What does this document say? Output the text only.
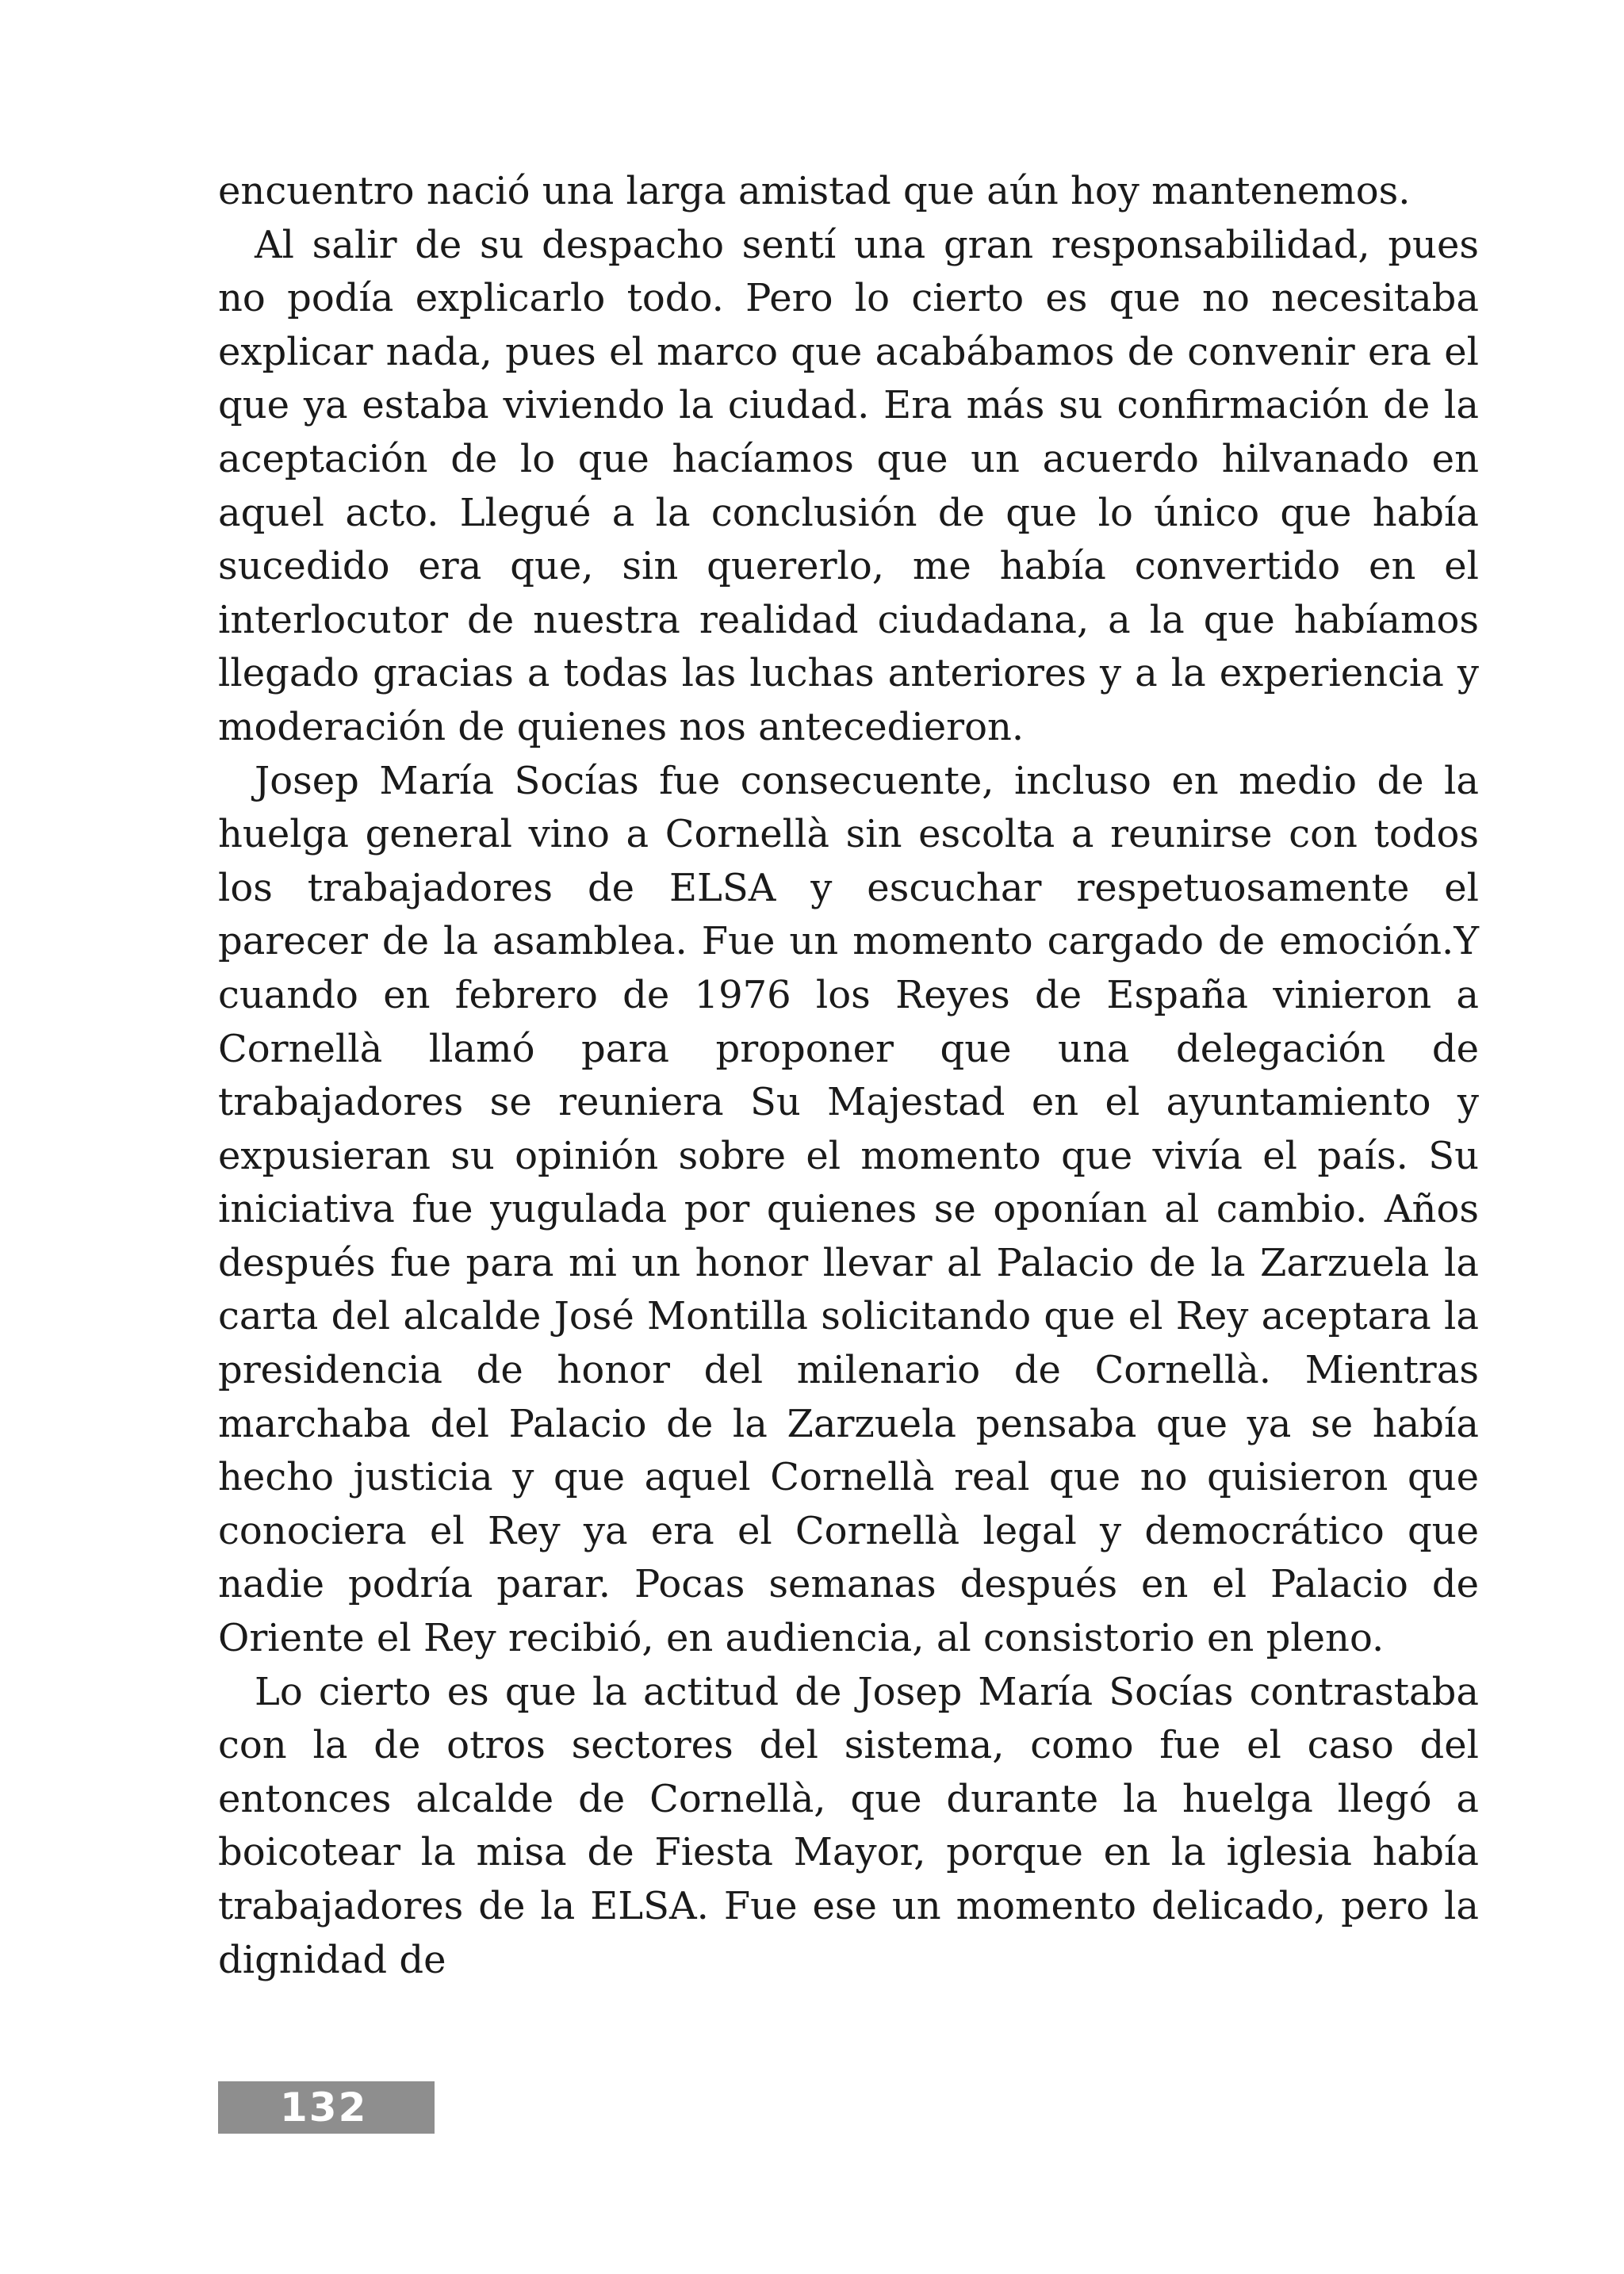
encuentro nació una larga amistad que aún hoy mantenemos.

Al salir de su despacho sentí una gran responsabilidad, pues no podía explicarlo todo. Pero lo cierto es que no necesitaba explicar nada, pues el marco que acabábamos de convenir era el que ya estaba viviendo la ciudad. Era más su confirmación de la aceptación de lo que hacíamos que un acuerdo hilvanado en aquel acto. Llegué a la conclusión de que lo único que había sucedido era que, sin quererlo, me había convertido en el interlocutor de nuestra realidad ciudadana, a la que habíamos llegado gracias a todas las luchas anteriores y a la experiencia y moderación de quienes nos antecedieron.

Josep María Socías fue consecuente, incluso en medio de la huelga general vino a Cornellà sin escolta a reunirse con todos los trabajadores de ELSA y escuchar respetuosamente el parecer de la asamblea. Fue un momento cargado de emoción.Y cuando en febrero de 1976 los Reyes de España vinieron a Cornellà llamó para proponer que una delegación de trabajadores se reuniera Su Majestad en el ayuntamiento y expusieran su opinión sobre el momento que vivía el país. Su iniciativa fue yugulada por quienes se oponían al cambio. Años después fue para mi un honor llevar al Palacio de la Zarzuela la carta del alcalde José Montilla solicitando que el Rey aceptara la presidencia de honor del milenario de Cornellà. Mientras marchaba del Palacio de la Zarzuela pensaba que ya se había hecho justicia y que aquel Cornellà real que no quisieron que conociera el Rey ya era el Cornellà legal y democrático que nadie podría parar. Pocas semanas después en el Palacio de Oriente el Rey recibió, en audiencia, al consistorio en pleno.

Lo cierto es que la actitud de Josep María Socías contrastaba con la de otros sectores del sistema, como fue el caso del entonces alcalde de Cornellà, que durante la huelga llegó a boicotear la misa de Fiesta Mayor, porque en la iglesia había trabajadores de la ELSA. Fue ese un momento delicado, pero la dignidad de

132
